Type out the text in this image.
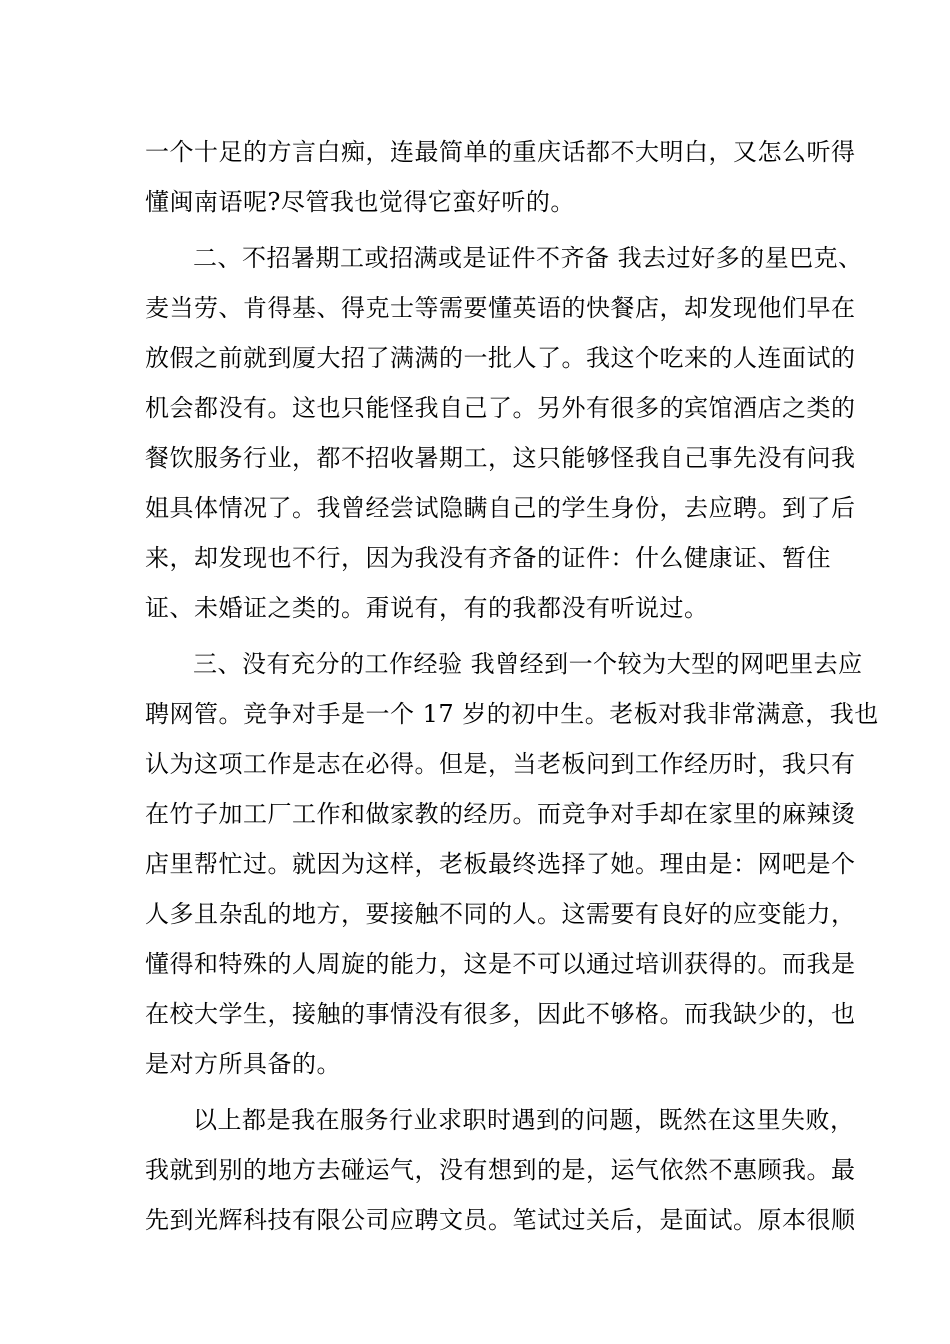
一个十足的方言白痴，连最简单的重庆话都不大明白，又怎么听得
懂闽南语呢?尽管我也觉得它蛮好听的。
二、不招暑期工或招满或是证件不齐备 我去过好多的星巴克、
麦当劳、肯得基、得克士等需要懂英语的快餐店，却发现他们早在
放假之前就到厦大招了满满的一批人了。我这个吃来的人连面试的
机会都没有。这也只能怪我自己了。另外有很多的宾馆酒店之类的
餐饮服务行业，都不招收暑期工，这只能够怪我自己事先没有问我
姐具体情况了。我曾经尝试隐瞒自己的学生身份，去应聘。到了后
来，却发现也不行，因为我没有齐备的证件：什么健康证、暂住
证、未婚证之类的。甭说有，有的我都没有听说过。
三、没有充分的工作经验 我曾经到一个较为大型的网吧里去应
聘网管。竞争对手是一个 17 岁的初中生。老板对我非常满意，我也
认为这项工作是志在必得。但是，当老板问到工作经历时，我只有
在竹子加工厂工作和做家教的经历。而竞争对手却在家里的麻辣烫
店里帮忙过。就因为这样，老板最终选择了她。理由是：网吧是个
人多且杂乱的地方，要接触不同的人。这需要有良好的应变能力，
懂得和特殊的人周旋的能力，这是不可以通过培训获得的。而我是
在校大学生，接触的事情没有很多，因此不够格。而我缺少的，也
是对方所具备的。
以上都是我在服务行业求职时遇到的问题，既然在这里失败，
我就到别的地方去碰运气，没有想到的是，运气依然不惠顾我。最
先到光辉科技有限公司应聘文员。笔试过关后，是面试。原本很顺
